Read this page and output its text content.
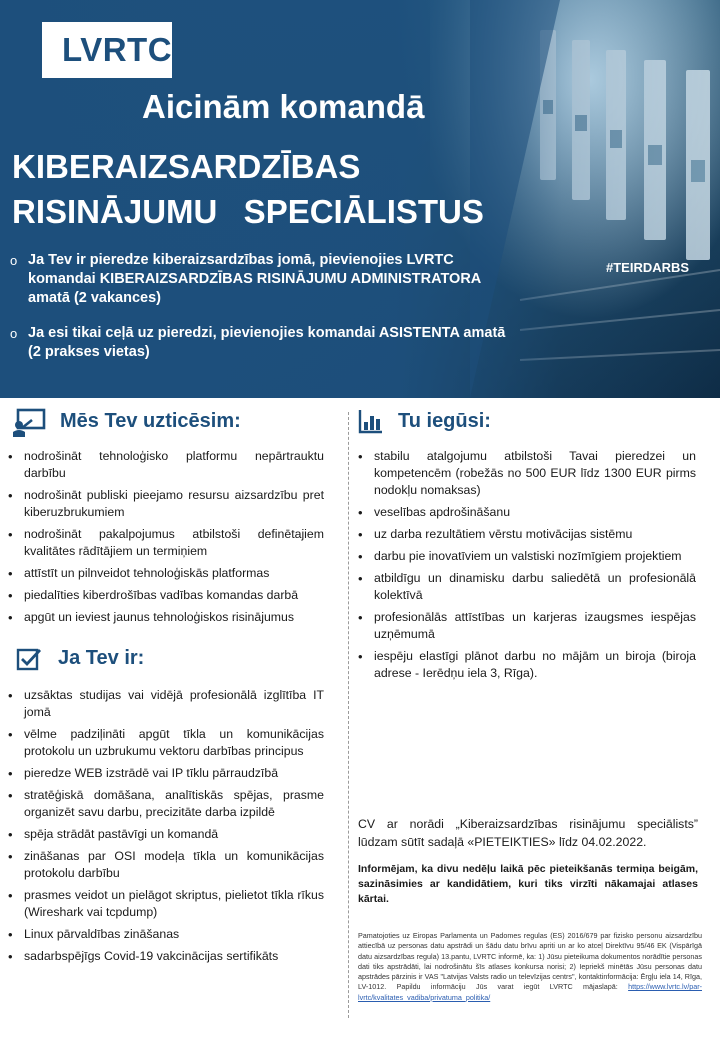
LVRTC
Aicinām komandā
KIBERAIZSARDZĪBAS
RISINĀJUMU  SPECIĀLISTUS
#TEIRDARBS
o Ja Tev ir pieredze kiberaizsardzības jomā, pievienojies LVRTC komandai KIBERAIZSARDZĪBAS RISINĀJUMU ADMINISTRATORA amatā (2 vakances)
o Ja esi tikai ceļā uz pieredzi, pievienojies komandai ASISTENTA amatā (2 prakses vietas)
Mēs Tev uzticēsim:
• nodrošināt tehnoloģisko platformu nepārtrauktu darbību
• nodrošināt publiski pieejamo resursu aizsardzību pret kiberuzbrukumiem
• nodrošināt pakalpojumus atbilstoši definētajiem kvalitātes rādītājiem un termiņiem
• attīstīt un pilnveidot tehnoloģiskās platformas
• piedalīties kiberdrošības vadības komandas darbā
• apgūt un ieviest jaunus tehnoloģiskos risinājumus
Ja Tev ir:
• uzsāktas studijas vai vidējā profesionālā izglītība IT jomā
• vēlme padziļināti apgūt tīkla un komunikācijas protokolu un uzbrukumu vektoru darbības principus
• pieredze WEB izstrādē vai IP tīklu pārraudzībā
• stratēģiskā domāšana, analītiskās spējas, prasme organizēt savu darbu, precizitāte darba izpildē
• spēja strādāt pastāvīgi un komandā
• zināšanas par OSI modeļa tīkla un komunikācijas protokolu darbību
• prasmes veidot un pielāgot skriptus, pielietot tīkla rīkus (Wireshark vai tcpdump)
• Linux pārvaldības zināšanas
• sadarbspējīgs Covid-19 vakcinācijas sertifikāts
Tu iegūsi:
• stabilu atalgojumu atbilstoši Tavai pieredzei un kompetencēm (robežās no 500 EUR līdz 1300 EUR pirms nodokļu nomaksas)
• veselības apdrošināšanu
• uz darba rezultātiem vērstu motivācijas sistēmu
• darbu pie inovatīviem un valstiski nozīmīgiem projektiem
• atbildīgu un dinamisku darbu saliedētā un profesionālā kolektīvā
• profesionālās attīstības un karjeras izaugsmes iespējas uzņēmumā
• iespēju elastīgi plānot darbu no mājām un biroja (biroja adrese - Ierēdņu iela 3, Rīga).
CV ar norādi „Kiberaizsardzības risinājumu speciālists” lūdzam sūtīt sadaļā «PIETEIKTIES» līdz 04.02.2022.
Informējam, ka divu nedēļu laikā pēc pieteikšanās termiņa beigām, sazināsimies ar kandidātiem, kuri tiks virzīti nākamajai atlases kārtai.
Pamatojoties uz Eiropas Parlamenta un Padomes regulas (ES) 2016/679 par fizisko personu aizsardzību attiecībā uz personas datu apstrādi un šādu datu brīvu apriti un ar ko atceļ Direktīvu 95/46 EK (Vispārīgā datu aizsardzības regula) 13.pantu, LVRTC informē, ka: 1) Jūsu pieteikuma dokumentos norādītie personas dati tiks apstrādāti, lai nodrošinātu šīs atlases konkursa norisi; 2) Iepriekš minētās Jūsu personas datu apstrādes pārzinis ir VAS "Latvijas Valsts radio un televīzijas centrs", kontaktinformācija: Ērgļu iela 14, Rīga, LV-1012. Papildu informāciju Jūs varat iegūt LVRTC mājaslapā: https://www.lvrtc.lv/par-lvrtc/kvalitates_vadiba/privatuma_politika/
